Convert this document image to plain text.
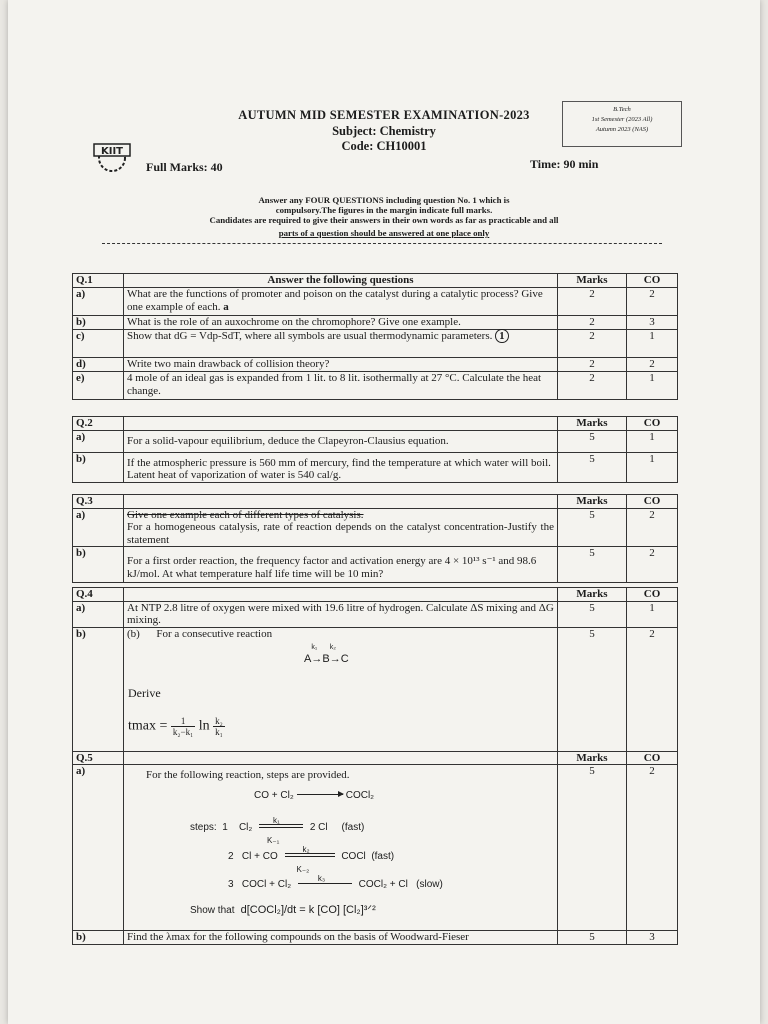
AUTUMN MID SEMESTER EXAMINATION-2023
Subject: Chemistry
Code: CH10001
KIIT
Full Marks: 40	Time: 90 min
B.Tech
1st Semester (2023 All)
Autumn 2023 (NAS)
Answer any FOUR QUESTIONS including question No. 1 which is
compulsory.The figures in the margin indicate full marks.
Candidates are required to give their answers in their own words as far as practicable and all
parts of a question should be answered at one place only
Q.1	Answer the following questions	Marks	CO
a)	What are the functions of promoter and poison on the catalyst during a catalytic process? Give one example of each. a	2	2
b)	What is the role of an auxochrome on the chromophore? Give one example.	2	3
c)	Show that dG = Vdp-SdT, where all symbols are usual thermodynamic parameters. 1	2	1
d)	Write two main drawback of collision theory?	2	2
e)	4 mole of an ideal gas is expanded from 1 lit. to 8 lit. isothermally at 27 °C. Calculate the heat change.	2	1
Q.2		Marks	CO
a)	For a solid-vapour equilibrium, deduce the Clapeyron-Clausius equation.	5	1
b)	If the atmospheric pressure is 560 mm of mercury, find the temperature at which water will boil. Latent heat of vaporization of water is 540 cal/g.	5	1
Q.3		Marks	CO
a)	Give one example each of different types of catalysis.
For a homogeneous catalysis, rate of reaction depends on the catalyst concentration-Justify the statement	5	2
b)	For a first order reaction, the frequency factor and activation energy are 4 × 10¹³ s⁻¹ and 98.6 kJ/mol. At what temperature half life time will be 10 min?	5	2
Q.4		Marks	CO
a)	At NTP 2.8 litre of oxygen were mixed with 19.6 litre of hydrogen. Calculate ΔS mixing and ΔG mixing.	5	1
b)	(b) For a consecutive reaction	5	2
Q.5		Marks	CO
a)	For the following reaction, steps are provided.	5	2
b)	Find the λmax for the following compounds on the basis of Woodward-Fieser	5	3
A
k₁
→B
k₂
→C
Derive
$tmax = \frac{1}{\text{k₂−k₁}}$ $\ln \frac{\text{k₂}}{\text{k₁}}$
CO + Cl₂	COCl₂
steps: 1 $Cl_2 \frac{\text{k₁}}{\text{K₋₁}} 2$ Cl (fast)
2 Cl + CO $\frac{\text{k₂}}{\text{K₋₂}}$ COCl (fast)
3 COCl + Cl₂
k₃
COCl₂ + Cl (slow)
Show that d[COCl₂]/dt = k [CO] [Cl₂]³ᐟ²
